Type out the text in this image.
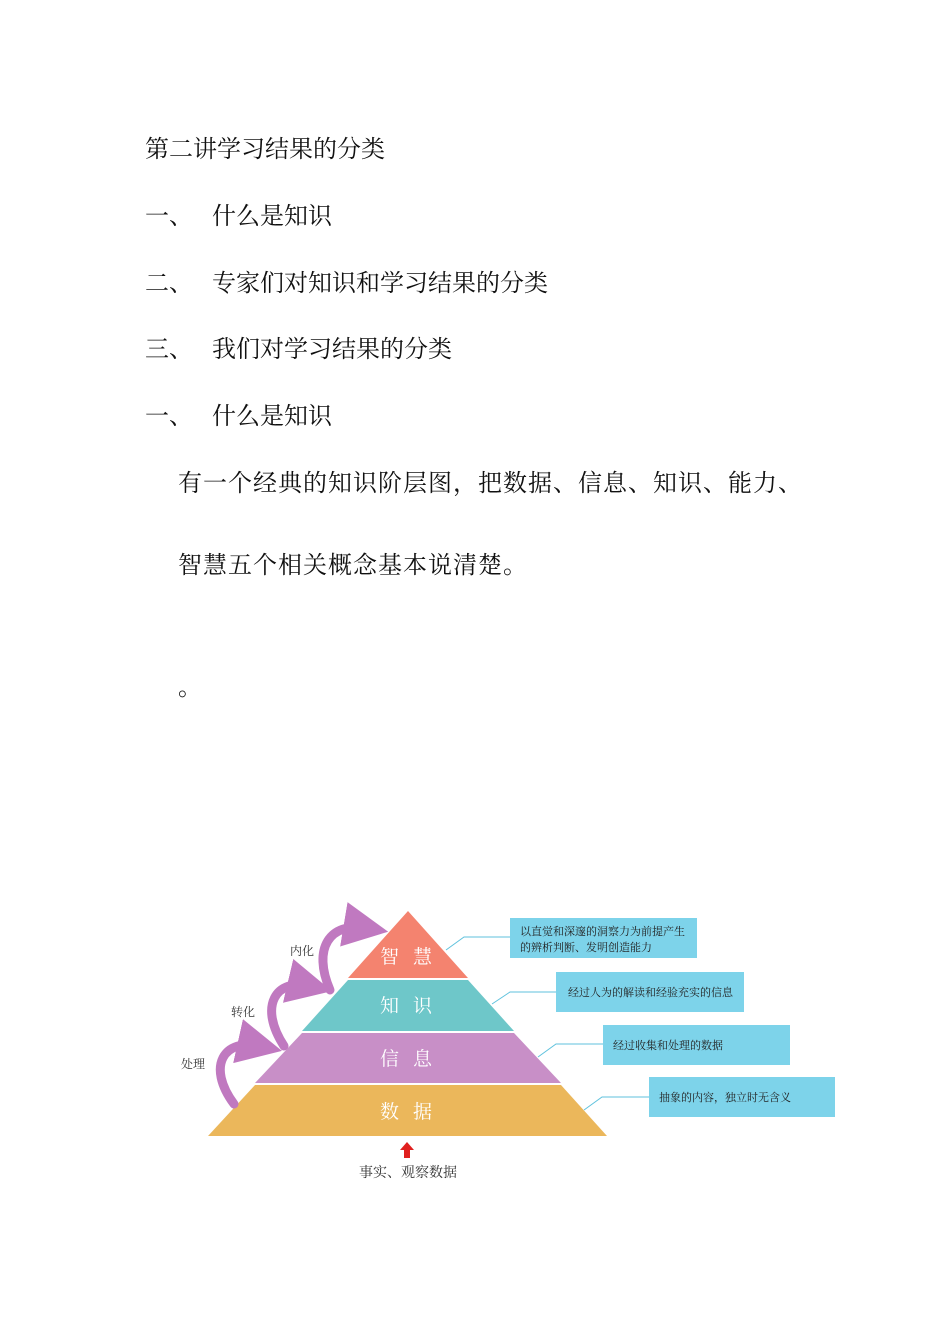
第二讲学习结果的分类
一、 什么是知识
二、 专家们对知识和学习结果的分类
三、 我们对学习结果的分类
一、 什么是知识
有一个经典的知识阶层图，把数据、信息、知识、能力、
智慧五个相关概念基本说清楚。
。
智 慧
知 识
信 息
数 据
以直觉和深邃的洞察力为前提产生
的辨析判断、发明创造能力
经过人为的解读和经验充实的信息
经过收集和处理的数据
抽象的内容，独立时无含义
内化
转化
处理
事实、观察数据
